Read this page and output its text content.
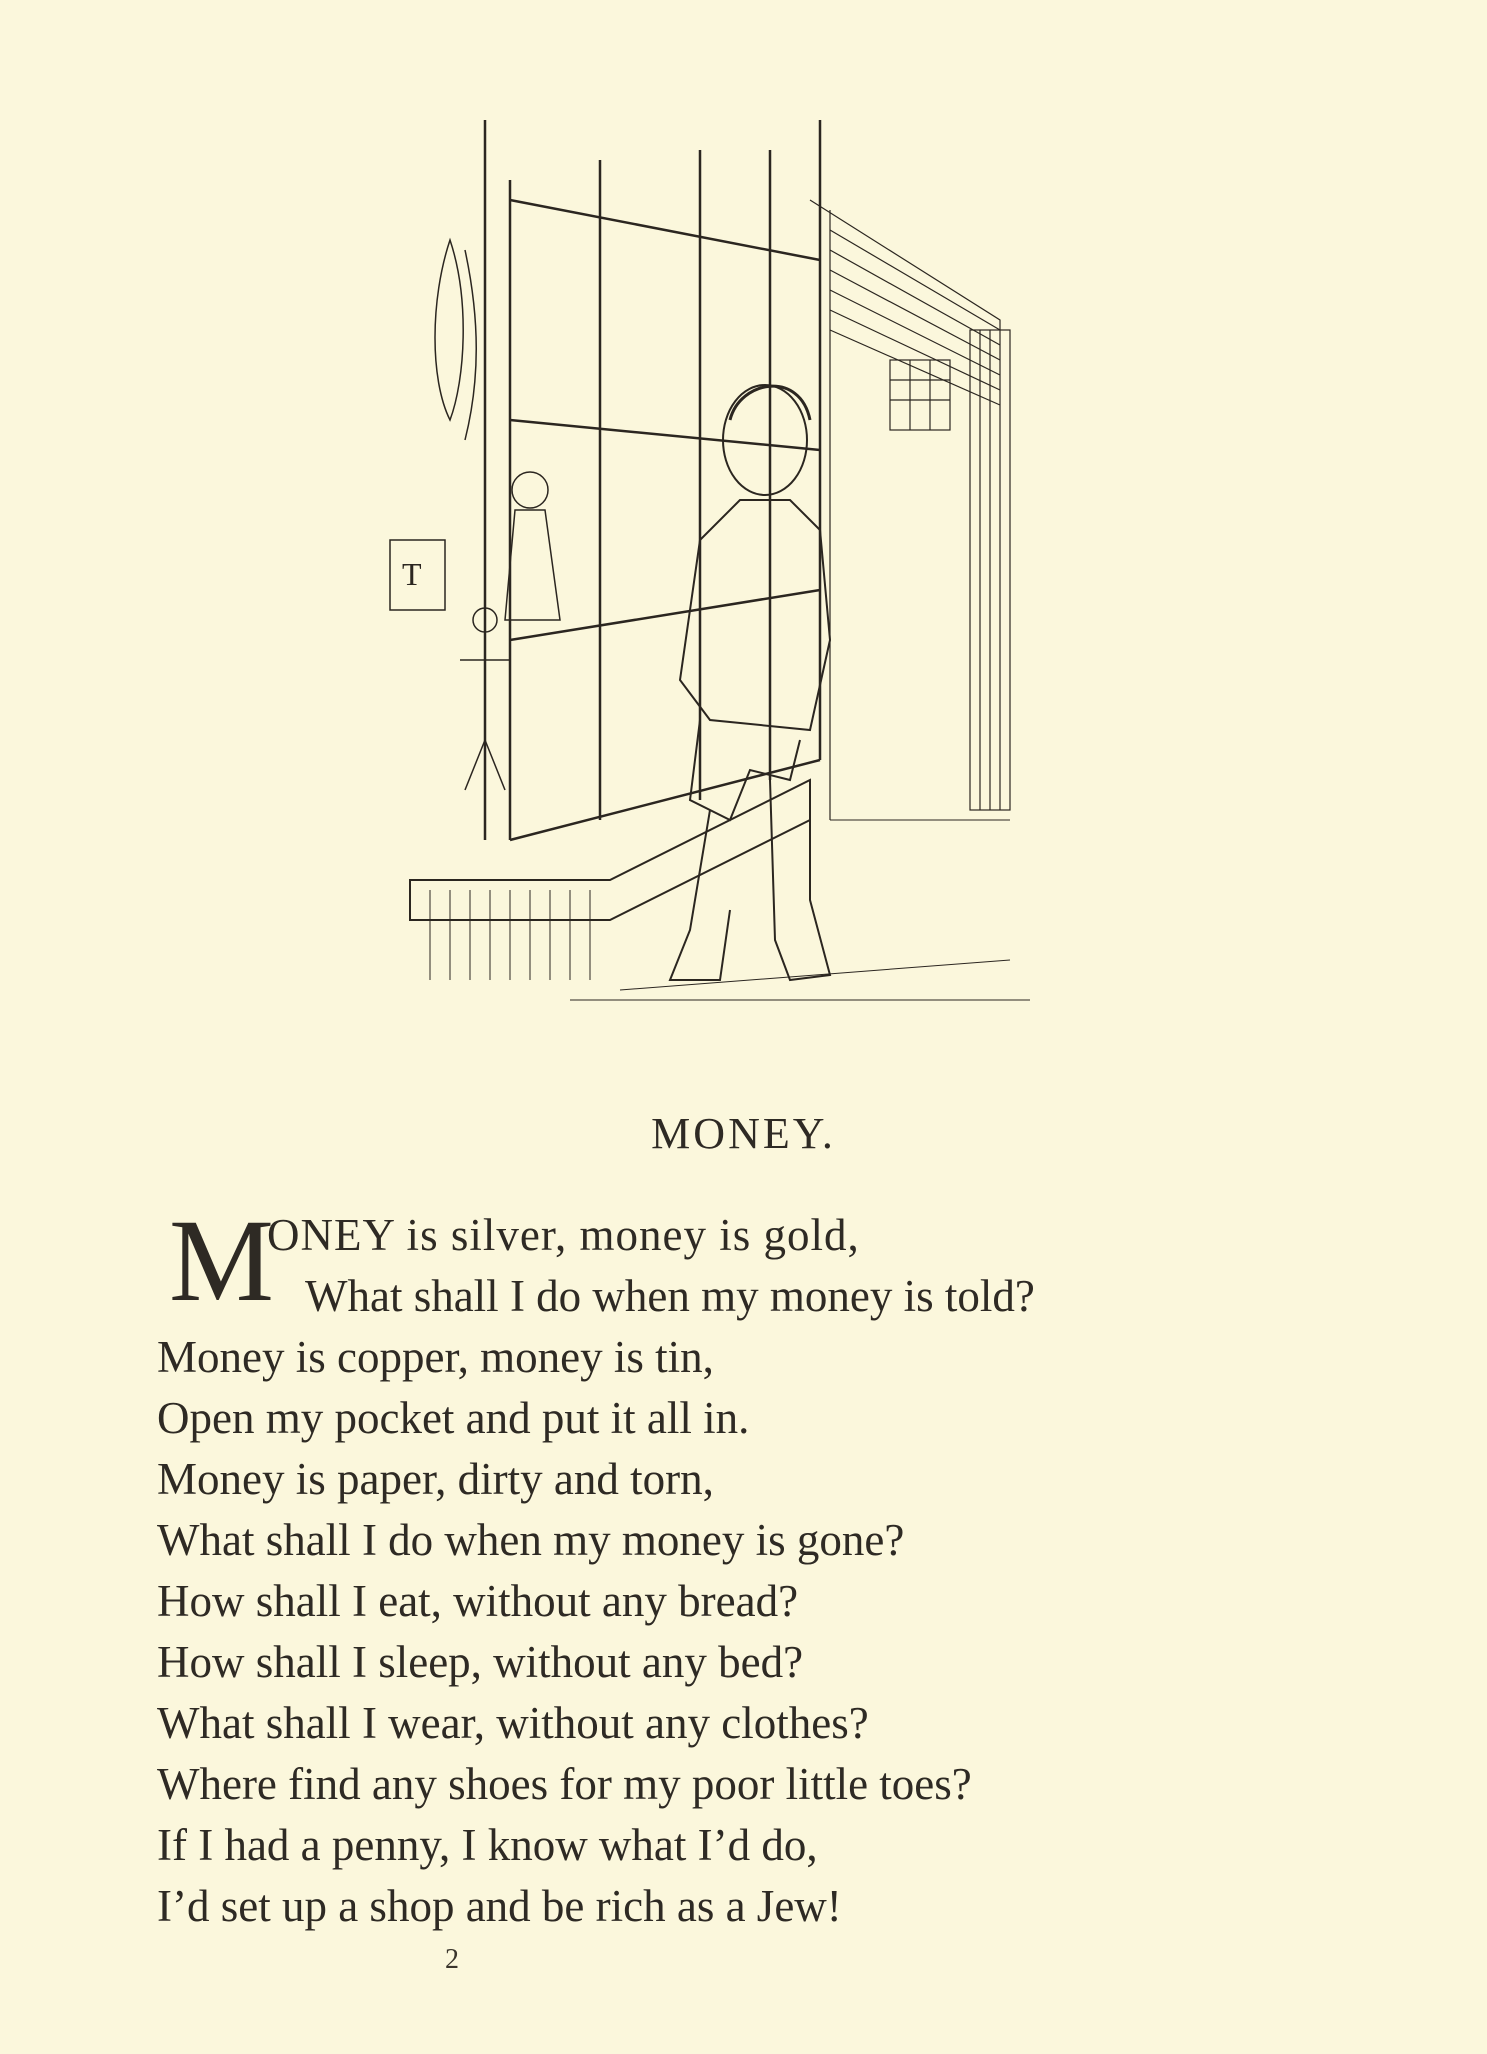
T
MONEY.
M
ONEY is silver, money is gold,
What shall I do when my money is told?
Money is copper, money is tin,
Open my pocket and put it all in.
Money is paper, dirty and torn,
What shall I do when my money is gone?
How shall I eat, without any bread?
How shall I sleep, without any bed?
What shall I wear, without any clothes?
Where find any shoes for my poor little toes?
If I had a penny, I know what I’d do,
I’d set up a shop and be rich as a Jew!
2
